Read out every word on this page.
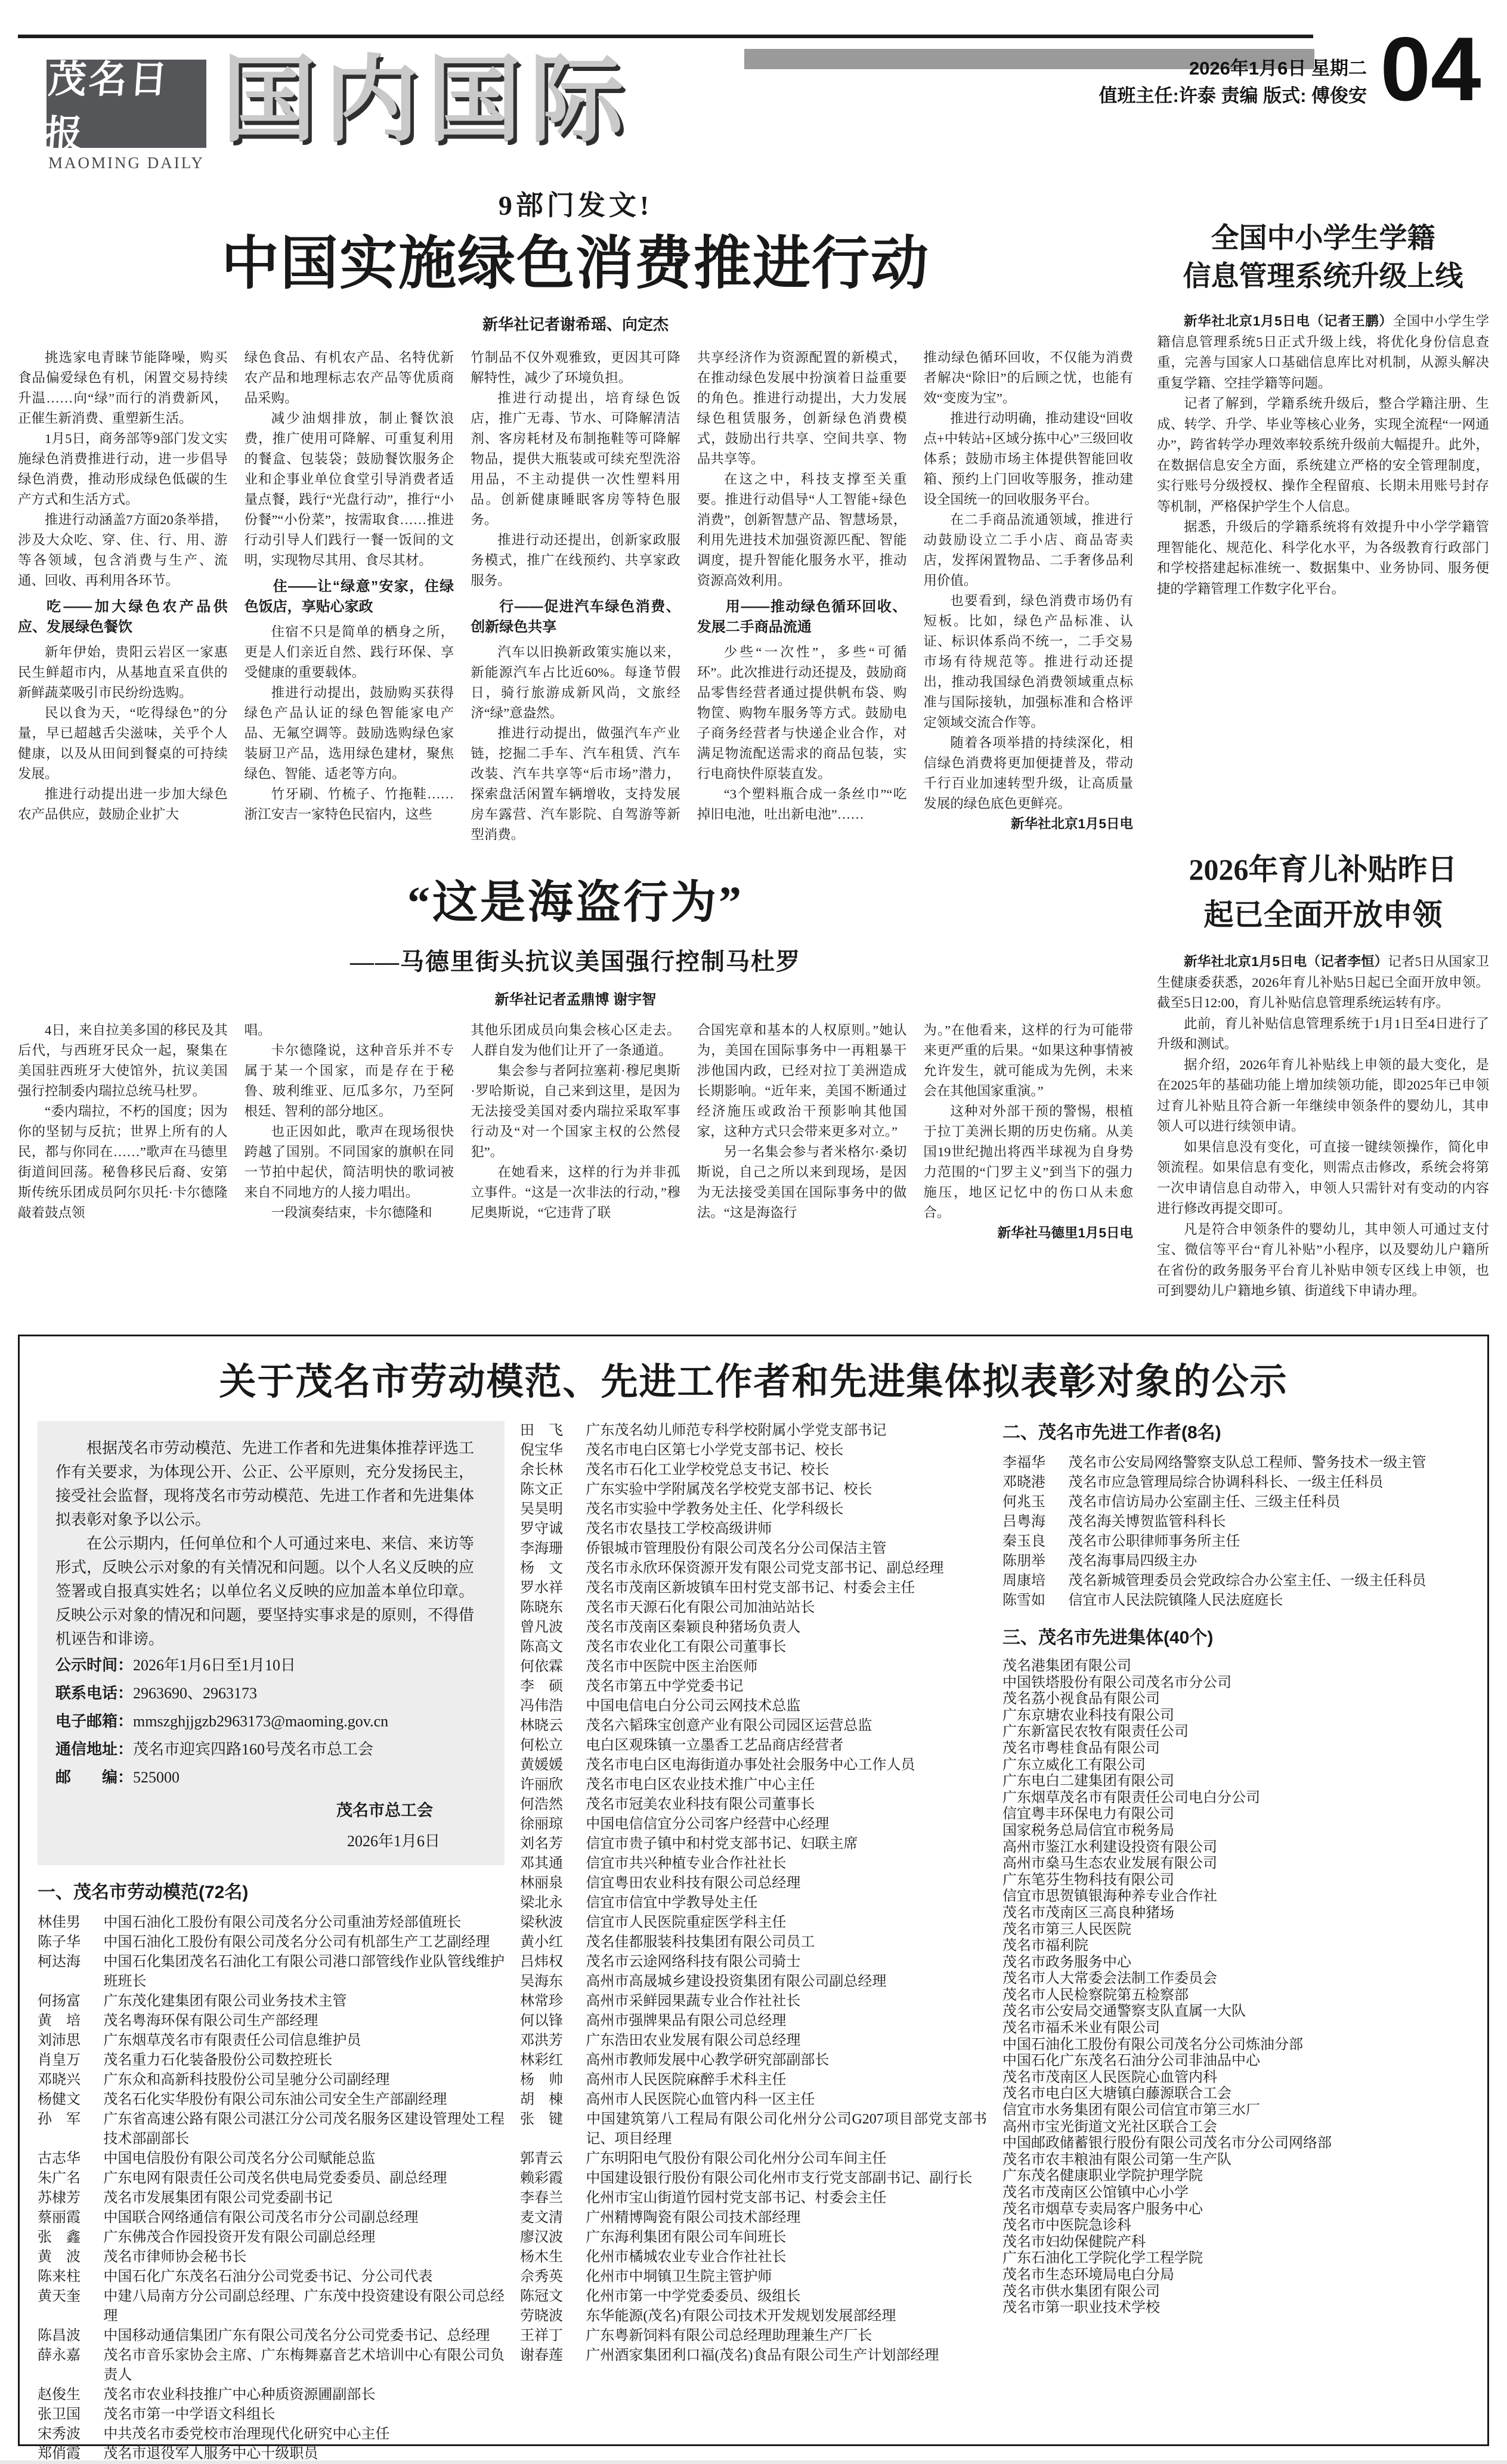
茂名日报
MAOMING DAILY
国内国际	2026年1月6日 星期二
值班主任:许泰 责编 版式: 傅俊安 04
9部门发文!
中国实施绿色消费推进行动
新华社记者谢希瑶、向定杰
挑选家电青睐节能降噪，购买食品偏爱绿色有机，闲置交易持续升温……向“绿”而行的消费新风，正催生新消费、重塑新生活。
1月5日，商务部等9部门发文实施绿色消费推进行动，进一步倡导绿色消费，推动形成绿色低碳的生产方式和生活方式。
推进行动涵盖7方面20条举措，涉及大众吃、穿、住、行、用、游等各领域，包含消费与生产、流通、回收、再利用各环节。
吃——加大绿色农产品供应、发展绿色餐饮
新年伊始，贵阳云岩区一家惠民生鲜超市内，从基地直采直供的新鲜蔬菜吸引市民纷纷选购。
民以食为天，“吃得绿色”的分量，早已超越舌尖滋味，关乎个人健康，以及从田间到餐桌的可持续发展。
推进行动提出进一步加大绿色农产品供应，鼓励企业扩大
绿色食品、有机农产品、名特优新农产品和地理标志农产品等优质商品采购。
减少油烟排放，制止餐饮浪费，推广使用可降解、可重复利用的餐盒、包装袋；鼓励餐饮服务企业和企事业单位食堂引导消费者适量点餐，践行“光盘行动”，推行“小份餐”“小份菜”，按需取食……推进行动引导人们践行一餐一饭间的文明，实现物尽其用、食尽其材。
住——让“绿意”安家，住绿色饭店，享贴心家政
住宿不只是简单的栖身之所，更是人们亲近自然、践行环保、享受健康的重要载体。
推进行动提出，鼓励购买获得绿色产品认证的绿色智能家电产品、无氟空调等。鼓励选购绿色家装厨卫产品，选用绿色建材，聚焦绿色、智能、适老等方向。
竹牙刷、竹梳子、竹拖鞋……浙江安吉一家特色民宿内，这些
竹制品不仅外观雅致，更因其可降解特性，减少了环境负担。
推进行动提出，培育绿色饭店，推广无毒、节水、可降解清洁剂、客房耗材及布制拖鞋等可降解物品，提供大瓶装或可续充型洗浴用品，不主动提供一次性塑料用品。创新健康睡眠客房等特色服务。
推进行动还提出，创新家政服务模式，推广在线预约、共享家政服务。
行——促进汽车绿色消费、创新绿色共享
汽车以旧换新政策实施以来，新能源汽车占比近60%。每逢节假日，骑行旅游成新风尚，文旅经济“绿”意盎然。
推进行动提出，做强汽车产业链，挖掘二手车、汽车租赁、汽车改装、汽车共享等“后市场”潜力，探索盘活闲置车辆增收，支持发展房车露营、汽车影院、自驾游等新型消费。
共享经济作为资源配置的新模式，在推动绿色发展中扮演着日益重要的角色。推进行动提出，大力发展绿色租赁服务，创新绿色消费模式，鼓励出行共享、空间共享、物品共享等。
在这之中，科技支撑至关重要。推进行动倡导“人工智能+绿色消费”，创新智慧产品、智慧场景，利用先进技术加强资源匹配、智能调度，提升智能化服务水平，推动资源高效利用。
用——推动绿色循环回收、发展二手商品流通
少些“一次性”，多些“可循环”。此次推进行动还提及，鼓励商品零售经营者通过提供帆布袋、购物筐、购物车服务等方式。鼓励电子商务经营者与快递企业合作，对满足物流配送需求的商品包装，实行电商快件原装直发。
“3个塑料瓶合成一条丝巾”“吃掉旧电池，吐出新电池”……
推动绿色循环回收，不仅能为消费者解决“除旧”的后顾之忧，也能有效“变废为宝”。
推进行动明确，推动建设“回收点+中转站+区域分拣中心”三级回收体系；鼓励市场主体提供智能回收箱、预约上门回收等服务，推动建设全国统一的回收服务平台。
在二手商品流通领域，推进行动鼓励设立二手小店、商品寄卖店，发挥闲置物品、二手奢侈品利用价值。
也要看到，绿色消费市场仍有短板。比如，绿色产品标准、认证、标识体系尚不统一，二手交易市场有待规范等。推进行动还提出，推动我国绿色消费领域重点标准与国际接轨，加强标准和合格评定领域交流合作等。
随着各项举措的持续深化，相信绿色消费将更加便捷普及，带动千行百业加速转型升级，让高质量发展的绿色底色更鲜亮。
新华社北京1月5日电
全国中小学生学籍
信息管理系统升级上线
新华社北京1月5日电（记者王鹏）全国中小学生学籍信息管理系统5日正式升级上线，将优化身份信息查重，完善与国家人口基础信息库比对机制，从源头解决重复学籍、空挂学籍等问题。
记者了解到，学籍系统升级后，整合学籍注册、生成、转学、升学、毕业等核心业务，实现全流程“一网通办”，跨省转学办理效率较系统升级前大幅提升。此外，在数据信息安全方面，系统建立严格的安全管理制度，实行账号分级授权、操作全程留痕、长期未用账号封存等机制，严格保护学生个人信息。
据悉，升级后的学籍系统将有效提升中小学学籍管理智能化、规范化、科学化水平，为各级教育行政部门和学校搭建起标准统一、数据集中、业务协同、服务便捷的学籍管理工作数字化平台。
2026年育儿补贴昨日
起已全面开放申领
新华社北京1月5日电（记者李恒）记者5日从国家卫生健康委获悉，2026年育儿补贴5日起已全面开放申领。截至5日12:00，育儿补贴信息管理系统运转有序。
此前，育儿补贴信息管理系统于1月1日至4日进行了升级和测试。
据介绍，2026年育儿补贴线上申领的最大变化，是在2025年的基础功能上增加续领功能，即2025年已申领过育儿补贴且符合新一年继续申领条件的婴幼儿，其申领人可以进行续领申请。
如果信息没有变化，可直接一键续领操作，简化申领流程。如果信息有变化，则需点击修改，系统会将第一次申请信息自动带入，申领人只需针对有变动的内容进行修改再提交即可。
凡是符合申领条件的婴幼儿，其申领人可通过支付宝、微信等平台“育儿补贴”小程序，以及婴幼儿户籍所在省份的政务服务平台育儿补贴申领专区线上申领，也可到婴幼儿户籍地乡镇、街道线下申请办理。
“这是海盗行为”
——马德里街头抗议美国强行控制马杜罗
新华社记者孟鼎博 谢宇智
4日，来自拉美多国的移民及其后代，与西班牙民众一起，聚集在美国驻西班牙大使馆外，抗议美国强行控制委内瑞拉总统马杜罗。
“委内瑞拉，不朽的国度；因为你的坚韧与反抗；世界上所有的人民，都与你同在……”歌声在马德里街道间回荡。秘鲁移民后裔、安第斯传统乐团成员阿尔贝托·卡尔德隆敲着鼓点领
唱。
卡尔德隆说，这种音乐并不专属于某一个国家，而是存在于秘鲁、玻利维亚、厄瓜多尔，乃至阿根廷、智利的部分地区。
也正因如此，歌声在现场很快跨越了国别。不同国家的旗帜在同一节拍中起伏，简洁明快的歌词被来自不同地方的人接力唱出。
一段演奏结束，卡尔德隆和
其他乐团成员向集会核心区走去。人群自发为他们让开了一条通道。
集会参与者阿拉塞莉·穆尼奥斯·罗哈斯说，自己来到这里，是因为无法接受美国对委内瑞拉采取军事行动及“对一个国家主权的公然侵犯”。
在她看来，这样的行为并非孤立事件。“这是一次非法的行动，”穆尼奥斯说，“它违背了联
合国宪章和基本的人权原则。”她认为，美国在国际事务中一再粗暴干涉他国内政，已经对拉丁美洲造成长期影响。“近年来，美国不断通过经济施压或政治干预影响其他国家，这种方式只会带来更多对立。”
另一名集会参与者米格尔·桑切斯说，自己之所以来到现场，是因为无法接受美国在国际事务中的做法。“这是海盗行
为。”在他看来，这样的行为可能带来更严重的后果。“如果这种事情被允许发生，就可能成为先例，未来会在其他国家重演。”
这种对外部干预的警惕，根植于拉丁美洲长期的历史伤痛。从美国19世纪抛出将西半球视为自身势力范围的“门罗主义”到当下的强力施压，地区记忆中的伤口从未愈合。
新华社马德里1月5日电
关于茂名市劳动模范、先进工作者和先进集体拟表彰对象的公示
根据茂名市劳动模范、先进工作者和先进集体推荐评选工作有关要求，为体现公开、公正、公平原则，充分发扬民主，接受社会监督，现将茂名市劳动模范、先进工作者和先进集体拟表彰对象予以公示。
在公示期内，任何单位和个人可通过来电、来信、来访等形式，反映公示对象的有关情况和问题。以个人名义反映的应签署或自报真实姓名；以单位名义反映的应加盖本单位印章。反映公示对象的情况和问题，要坚持实事求是的原则，不得借机诬告和诽谤。
公示时间：2026年1月6日至1月10日
联系电话：2963690、2963173
电子邮箱：mmszghjjgzb2963173@maoming.gov.cn
通信地址：茂名市迎宾四路160号茂名市总工会
邮　　编：525000
茂名市总工会
2026年1月6日
一、茂名市劳动模范(72名)
林佳男 中国石油化工股份有限公司茂名分公司重油芳烃部值班长
陈子华 中国石油化工股份有限公司茂名分公司有机部生产工艺副经理
柯达海 中国石化集团茂名石油化工有限公司港口部管线作业队管线维护班班长
何扬富 广东茂化建集团有限公司业务技术主管
黄　培 茂名粤海环保有限公司生产部经理
刘沛思 广东烟草茂名市有限责任公司信息维护员
肖皇万 茂名重力石化装备股份公司数控班长
邓晓兴 广东众和高新科技股份公司呈驰分公司副经理
杨健文 茂名石化实华股份有限公司东油公司安全生产部副经理
孙　军 广东省高速公路有限公司湛江分公司茂名服务区建设管理处工程技术部副部长
古志华 中国电信股份有限公司茂名分公司赋能总监
朱广名 广东电网有限责任公司茂名供电局党委委员、副总经理
苏棣芳 茂名市发展集团有限公司党委副书记
蔡丽霞 中国联合网络通信有限公司茂名市分公司副总经理
张　鑫 广东佛茂合作园投资开发有限公司副总经理
黄　波 茂名市律师协会秘书长
陈来柱 中国石化广东茂名石油分公司党委书记、分公司代表
黄天奎 中建八局南方分公司副总经理、广东茂中投资建设有限公司总经理
陈昌波 中国移动通信集团广东有限公司茂名分公司党委书记、总经理
薛永嘉 茂名市音乐家协会主席、广东梅舞嘉音艺术培训中心有限公司负责人
赵俊生 茂名市农业科技推广中心种质资源圃副部长
张卫国 茂名市第一中学语文科组长
宋秀波 中共茂名市委党校市治理现代化研究中心主任
郑俏霞 茂名市退役军人服务中心十级职员
田　飞 广东茂名幼儿师范专科学校附属小学党支部书记
倪宝华 茂名市电白区第七小学党支部书记、校长
余长林 茂名市石化工业学校党总支书记、校长
陈文正 广东实验中学附属茂名学校党支部书记、校长
吴昊明 茂名市实验中学教务处主任、化学科级长
罗守诚 茂名市农垦技工学校高级讲师
李海珊 侨银城市管理股份有限公司茂名分公司保洁主管
杨　文 茂名市永欣环保资源开发有限公司党支部书记、副总经理
罗水祥 茂名市茂南区新坡镇车田村党支部书记、村委会主任
陈晓东 茂名市天源石化有限公司加油站站长
曾凡波 茂名市茂南区秦颖良种猪场负责人
陈高文 茂名市农业化工有限公司董事长
何依霖 茂名市中医院中医主治医师
李　硕 茂名市第五中学党委书记
冯伟浩 中国电信电白分公司云网技术总监
林晓云 茂名六韬珠宝创意产业有限公司园区运营总监
何松立 电白区观珠镇一立墨香工艺品商店经营者
黄媛媛 茂名市电白区电海街道办事处社会服务中心工作人员
许丽欣 茂名市电白区农业技术推广中心主任
何浩然 茂名市冠美农业科技有限公司董事长
徐丽琼 中国电信信宜分公司客户经营中心经理
刘名芳 信宜市贵子镇中和村党支部书记、妇联主席
邓其通 信宜市共兴种植专业合作社社长
林丽泉 信宜粤田农业科技有限公司总经理
梁北永 信宜市信宜中学教导处主任
梁秋波 信宜市人民医院重症医学科主任
黄小红 茂名佳都服装科技集团有限公司员工
吕炜权 茂名市云途网络科技有限公司骑士
吴海东 高州市高晟城乡建设投资集团有限公司副总经理
林常珍 高州市采鲜园果蔬专业合作社社长
何以锋 高州市强牌果品有限公司总经理
邓洪芳 广东浩田农业发展有限公司总经理
林彩红 高州市教师发展中心教学研究部副部长
杨　帅 高州市人民医院麻醉手术科主任
胡　棟 高州市人民医院心血管内科一区主任
张　键 中国建筑第八工程局有限公司化州分公司G207项目部党支部书记、项目经理
郭青云 广东明阳电气股份有限公司化州分公司车间主任
赖彩霞 中国建设银行股份有限公司化州市支行党支部副书记、副行长
李春兰 化州市宝山街道竹园村党支部书记、村委会主任
麦文清 广州精博陶瓷有限公司技术部经理
廖汉波 广东海利集团有限公司车间班长
杨木生 化州市橘城农业专业合作社社长
佘秀英 化州市中垌镇卫生院主管护师
陈冠文 化州市第一中学党委委员、级组长
劳晓波 东华能源(茂名)有限公司技术开发规划发展部经理
王祥丁 广东粤新饲料有限公司总经理助理兼生产厂长
谢春莲 广州酒家集团利口福(茂名)食品有限公司生产计划部经理
二、茂名市先进工作者(8名)
李福华 茂名市公安局网络警察支队总工程师、警务技术一级主管
邓晓港 茂名市应急管理局综合协调科科长、一级主任科员
何兆玉 茂名市信访局办公室副主任、三级主任科员
吕粤海 茂名海关博贺监管科科长
秦玉良 茂名市公职律师事务所主任
陈朋举 茂名海事局四级主办
周康培 茂名新城管理委员会党政综合办公室主任、一级主任科员
陈雪如 信宜市人民法院镇隆人民法庭庭长
三、茂名市先进集体(40个)
茂名港集团有限公司
中国铁塔股份有限公司茂名市分公司
茂名荔小视食品有限公司
广东京塘农业科技有限公司
广东新富民农牧有限责任公司
茂名市粤桂食品有限公司
广东立威化工有限公司
广东电白二建集团有限公司
广东烟草茂名市有限责任公司电白分公司
信宜粤丰环保电力有限公司
国家税务总局信宜市税务局
高州市鉴江水利建设投资有限公司
高州市燊马生态农业发展有限公司
广东笔芬生物科技有限公司
信宜市思贺镇银海种养专业合作社
茂名市茂南区三高良种猪场
茂名市第三人民医院
茂名市福利院
茂名市政务服务中心
茂名市人大常委会法制工作委员会
茂名市人民检察院第五检察部
茂名市公安局交通警察支队直属一大队
茂名市福禾米业有限公司
中国石油化工股份有限公司茂名分公司炼油分部
中国石化广东茂名石油分公司非油品中心
茂名市茂南区人民医院心血管内科
茂名市电白区大塘镇白藤源联合工会
信宜市水务集团有限公司信宜市第三水厂
高州市宝光街道文光社区联合工会
中国邮政储蓄银行股份有限公司茂名市分公司网络部
茂名市农丰粮油有限公司第一生产队
广东茂名健康职业学院护理学院
茂名市茂南区公馆镇中心小学
茂名市烟草专卖局客户服务中心
茂名市中医院急诊科
茂名市妇幼保健院产科
广东石油化工学院化学工程学院
茂名市生态环境局电白分局
茂名市供水集团有限公司
茂名市第一职业技术学校
